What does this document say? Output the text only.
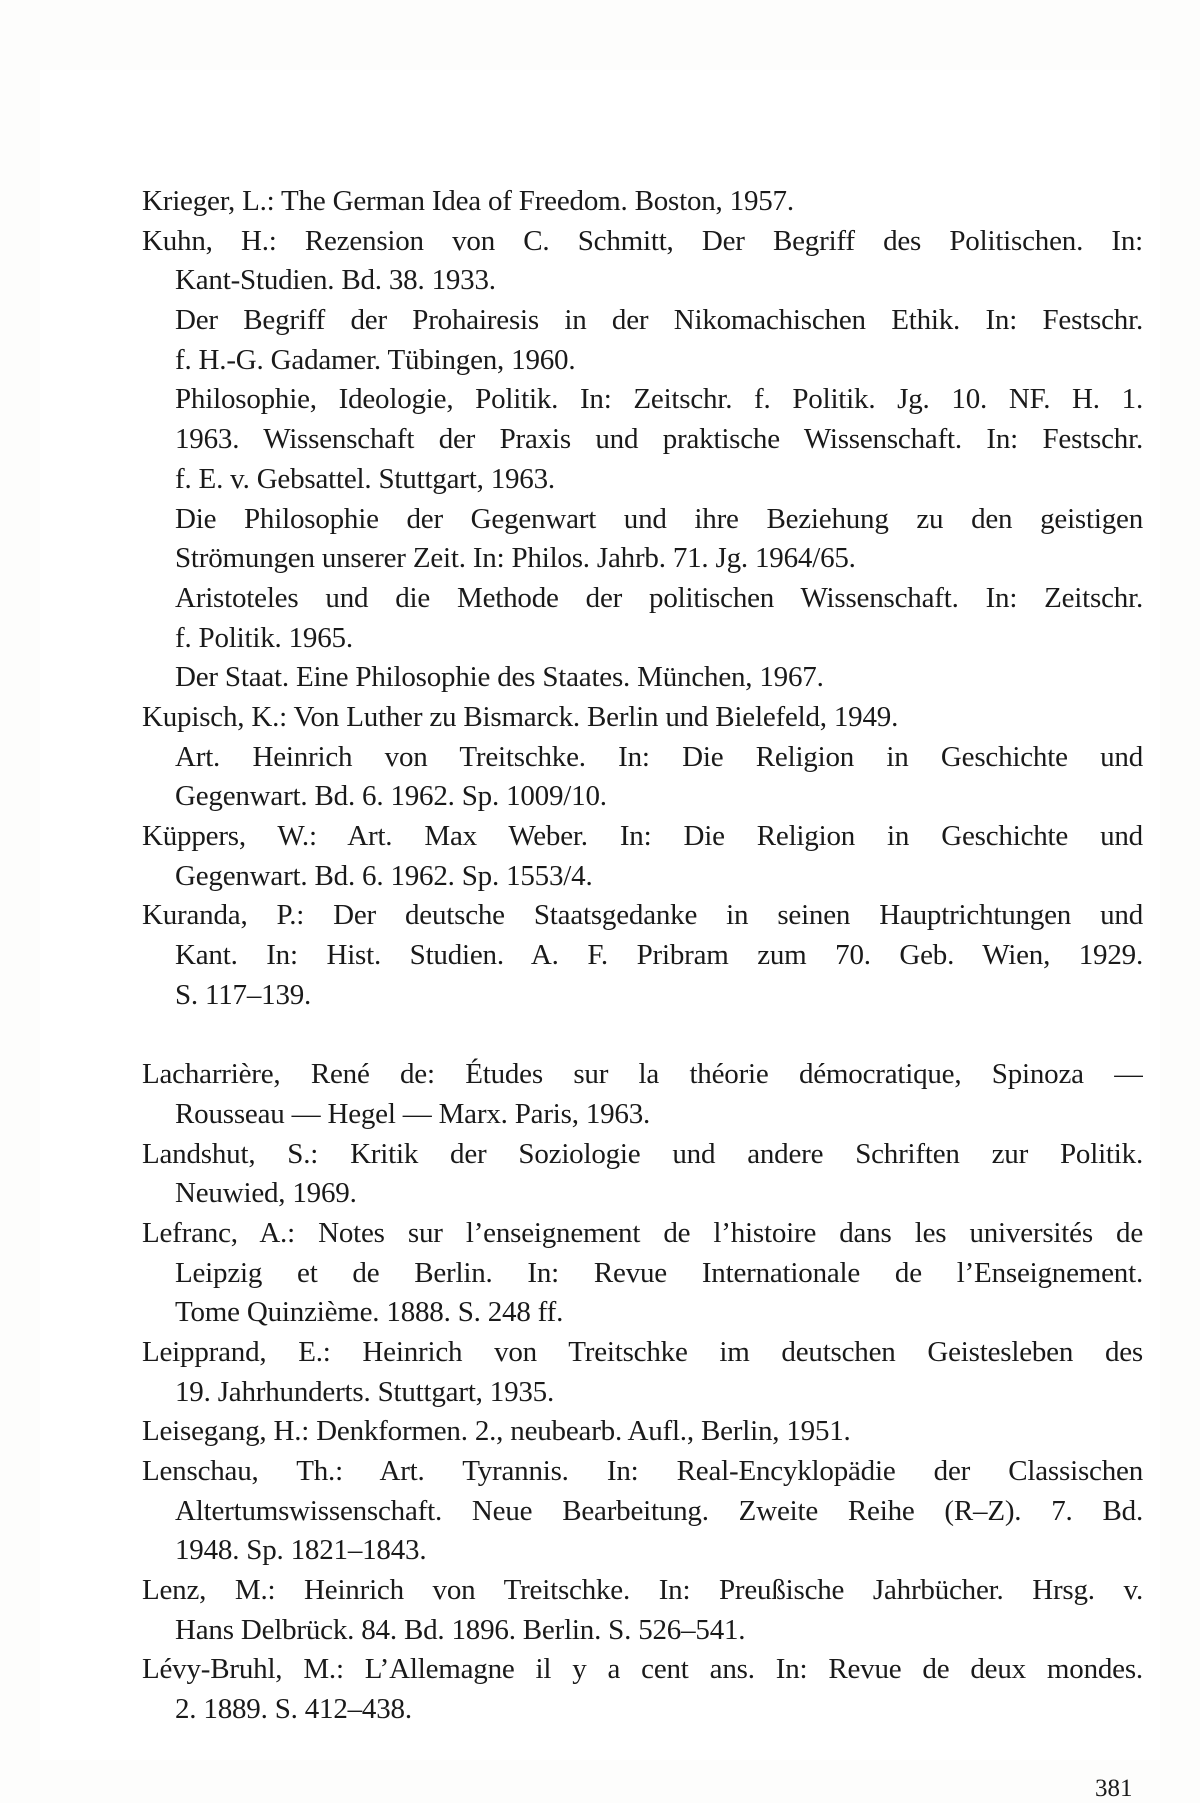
Krieger, L.: The German Idea of Freedom. Boston, 1957.
Kuhn, H.: Rezension von C. Schmitt, Der Begriff des Politischen. In:
Kant-Studien. Bd. 38. 1933.
Der Begriff der Prohairesis in der Nikomachischen Ethik. In: Festschr.
f. H.-G. Gadamer. Tübingen, 1960.
Philosophie, Ideologie, Politik. In: Zeitschr. f. Politik. Jg. 10. NF. H. 1.
1963. Wissenschaft der Praxis und praktische Wissenschaft. In: Festschr.
f. E. v. Gebsattel. Stuttgart, 1963.
Die Philosophie der Gegenwart und ihre Beziehung zu den geistigen
Strömungen unserer Zeit. In: Philos. Jahrb. 71. Jg. 1964/65.
Aristoteles und die Methode der politischen Wissenschaft. In: Zeitschr.
f. Politik. 1965.
Der Staat. Eine Philosophie des Staates. München, 1967.
Kupisch, K.: Von Luther zu Bismarck. Berlin und Bielefeld, 1949.
Art. Heinrich von Treitschke. In: Die Religion in Geschichte und
Gegenwart. Bd. 6. 1962. Sp. 1009/10.
Küppers, W.: Art. Max Weber. In: Die Religion in Geschichte und
Gegenwart. Bd. 6. 1962. Sp. 1553/4.
Kuranda, P.: Der deutsche Staatsgedanke in seinen Hauptrichtungen und
Kant. In: Hist. Studien. A. F. Pribram zum 70. Geb. Wien, 1929.
S. 117–139.
Lacharrière, René de: Études sur la théorie démocratique, Spinoza —
Rousseau — Hegel — Marx. Paris, 1963.
Landshut, S.: Kritik der Soziologie und andere Schriften zur Politik.
Neuwied, 1969.
Lefranc, A.: Notes sur l’enseignement de l’histoire dans les universités de
Leipzig et de Berlin. In: Revue Internationale de l’Enseignement.
Tome Quinzième. 1888. S. 248 ff.
Leipprand, E.: Heinrich von Treitschke im deutschen Geistesleben des
19. Jahrhunderts. Stuttgart, 1935.
Leisegang, H.: Denkformen. 2., neubearb. Aufl., Berlin, 1951.
Lenschau, Th.: Art. Tyrannis. In: Real-Encyklopädie der Classischen
Altertumswissenschaft. Neue Bearbeitung. Zweite Reihe (R–Z). 7. Bd.
1948. Sp. 1821–1843.
Lenz, M.: Heinrich von Treitschke. In: Preußische Jahrbücher. Hrsg. v.
Hans Delbrück. 84. Bd. 1896. Berlin. S. 526–541.
Lévy-Bruhl, M.: L’Allemagne il y a cent ans. In: Revue de deux mondes.
2. 1889. S. 412–438.
381
